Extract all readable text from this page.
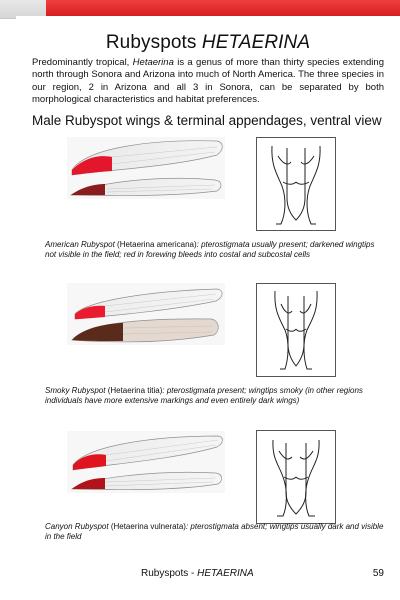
Rubyspots HETAERINA
Predominantly tropical, Hetaerina is a genus of more than thirty species extending north through Sonora and Arizona into much of North America. The three species in our region, 2 in Arizona and all 3 in Sonora, can be separated by both morphological characteristics and habitat preferences.
Male Rubyspot wings & terminal appendages, ventral view
American Rubyspot (Hetaerina americana): pterostigmata usually present; darkened wingtips not visible in the field; red in forewing bleeds into costal and subcostal cells
Smoky Rubyspot (Hetaerina titia): pterostigmata present; wingtips smoky (in other regions individuals have more extensive markings and even entirely dark wings)
Canyon Rubyspot (Hetaerina vulnerata): pterostigmata absent; wingtips usually dark and visible in the field
Rubyspots - HETAERINA	59
